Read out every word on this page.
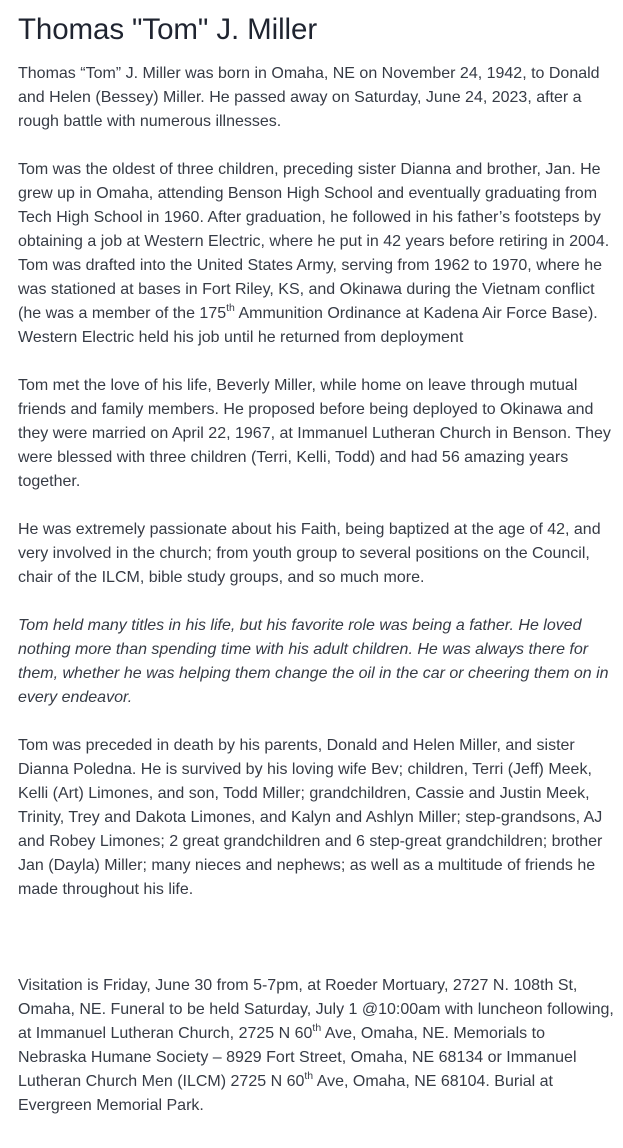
Thomas "Tom" J. Miller

Thomas “Tom” J. Miller was born in Omaha, NE on November 24, 1942, to Donald and Helen (Bessey) Miller. He passed away on Saturday, June 24, 2023, after a rough battle with numerous illnesses.

Tom was the oldest of three children, preceding sister Dianna and brother, Jan. He grew up in Omaha, attending Benson High School and eventually graduating from Tech High School in 1960. After graduation, he followed in his father’s footsteps by obtaining a job at Western Electric, where he put in 42 years before retiring in 2004. Tom was drafted into the United States Army, serving from 1962 to 1970, where he was stationed at bases in Fort Riley, KS, and Okinawa during the Vietnam conflict (he was a member of the 175th Ammunition Ordinance at Kadena Air Force Base). Western Electric held his job until he returned from deployment

Tom met the love of his life, Beverly Miller, while home on leave through mutual friends and family members. He proposed before being deployed to Okinawa and they were married on April 22, 1967, at Immanuel Lutheran Church in Benson. They were blessed with three children (Terri, Kelli, Todd) and had 56 amazing years together.

He was extremely passionate about his Faith, being baptized at the age of 42, and very involved in the church; from youth group to several positions on the Council, chair of the ILCM, bible study groups, and so much more.

Tom held many titles in his life, but his favorite role was being a father. He loved nothing more than spending time with his adult children. He was always there for them, whether he was helping them change the oil in the car or cheering them on in every endeavor.

Tom was preceded in death by his parents, Donald and Helen Miller, and sister Dianna Poledna. He is survived by his loving wife Bev; children, Terri (Jeff) Meek, Kelli (Art) Limones, and son, Todd Miller; grandchildren, Cassie and Justin Meek, Trinity, Trey and Dakota Limones, and Kalyn and Ashlyn Miller; step-grandsons, AJ and Robey Limones; 2 great grandchildren and 6 step-great grandchildren; brother Jan (Dayla) Miller; many nieces and nephews; as well as a multitude of friends he made throughout his life.

Visitation is Friday, June 30 from 5-7pm, at Roeder Mortuary, 2727 N. 108th St, Omaha, NE. Funeral to be held Saturday, July 1 @10:00am with luncheon following, at Immanuel Lutheran Church, 2725 N 60th Ave, Omaha, NE. Memorials to Nebraska Humane Society – 8929 Fort Street, Omaha, NE 68134 or Immanuel Lutheran Church Men (ILCM) 2725 N 60th Ave, Omaha, NE 68104. Burial at Evergreen Memorial Park.
